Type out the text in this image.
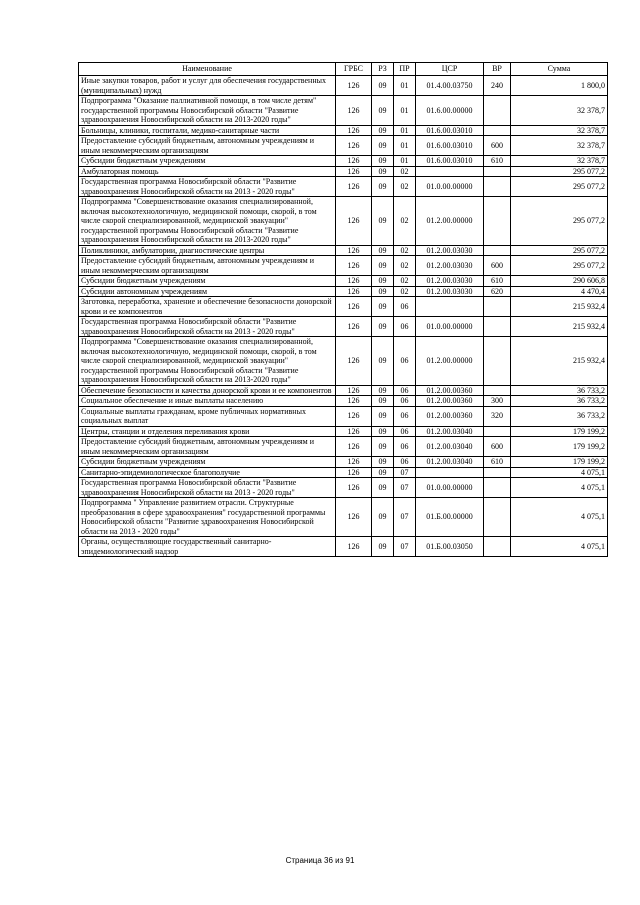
Наименование	ГРБС	РЗ	ПР	ЦСР	ВР	Сумма
Иные закупки товаров, работ и услуг для обеспечения государственных (муниципальных) нужд	126	09	01	01.4.00.03750	240	1 800,0
Подпрограмма "Оказание паллиативной помощи, в том числе детям" государственной программы Новосибирской области "Развитие здравоохранения Новосибирской области на 2013-2020 годы"	126	09	01	01.6.00.00000		32 378,7
Больницы, клиники, госпитали, медико-санитарные части	126	09	01	01.6.00.03010		32 378,7
Предоставление субсидий бюджетным, автономным учреждениям и иным некоммерческим организациям	126	09	01	01.6.00.03010	600	32 378,7
Субсидии бюджетным учреждениям	126	09	01	01.6.00.03010	610	32 378,7
Амбулаторная помощь	126	09	02			295 077,2
Государственная программа Новосибирской области "Развитие здравоохранения Новосибирской области на 2013 - 2020 годы"	126	09	02	01.0.00.00000		295 077,2
Подпрограмма "Совершенствование оказания специализированной, включая высокотехнологичную, медицинской помощи, скорой, в том числе скорой специализированной, медицинской эвакуации" государственной программы Новосибирской области "Развитие здравоохранения Новосибирской области на 2013-2020 годы"	126	09	02	01.2.00.00000		295 077,2
Поликлиники, амбулатории, диагностические центры	126	09	02	01.2.00.03030		295 077,2
Предоставление субсидий бюджетным, автономным учреждениям и иным некоммерческим организациям	126	09	02	01.2.00.03030	600	295 077,2
Субсидии бюджетным учреждениям	126	09	02	01.2.00.03030	610	290 606,8
Субсидии автономным учреждениям	126	09	02	01.2.00.03030	620	4 470,4
Заготовка, переработка, хранение и обеспечение безопасности донорской крови и ее компонентов	126	09	06			215 932,4
Государственная программа Новосибирской области "Развитие здравоохранения Новосибирской области на 2013 - 2020 годы"	126	09	06	01.0.00.00000		215 932,4
Подпрограмма "Совершенствование оказания специализированной, включая высокотехнологичную, медицинской помощи, скорой, в том числе скорой специализированной, медицинской эвакуации" государственной программы Новосибирской области "Развитие здравоохранения Новосибирской области на 2013-2020 годы"	126	09	06	01.2.00.00000		215 932,4
Обеспечение безопасности и качества донорской крови и ее компонентов	126	09	06	01.2.00.00360		36 733,2
Социальное обеспечение и иные выплаты населению	126	09	06	01.2.00.00360	300	36 733,2
Социальные выплаты гражданам, кроме публичных нормативных социальных выплат	126	09	06	01.2.00.00360	320	36 733,2
Центры, станции и отделения переливания крови	126	09	06	01.2.00.03040		179 199,2
Предоставление субсидий бюджетным, автономным учреждениям и иным некоммерческим организациям	126	09	06	01.2.00.03040	600	179 199,2
Субсидии бюджетным учреждениям	126	09	06	01.2.00.03040	610	179 199,2
Санитарно-эпидемиологическое благополучие	126	09	07			4 075,1
Государственная программа Новосибирской области "Развитие здравоохранения Новосибирской области на 2013 - 2020 годы"	126	09	07	01.0.00.00000		4 075,1
Подпрограмма " Управление развитием отрасли. Структурные преобразования в сфере здравоохранения" государственной программы Новосибирской области "Развитие здравоохранения Новосибирской области на 2013 - 2020 годы"	126	09	07	01.Б.00.00000		4 075,1
Органы, осуществляющие государственный санитарно-эпидемиологический надзор	126	09	07	01.Б.00.03050		4 075,1
Страница 36 из 91
